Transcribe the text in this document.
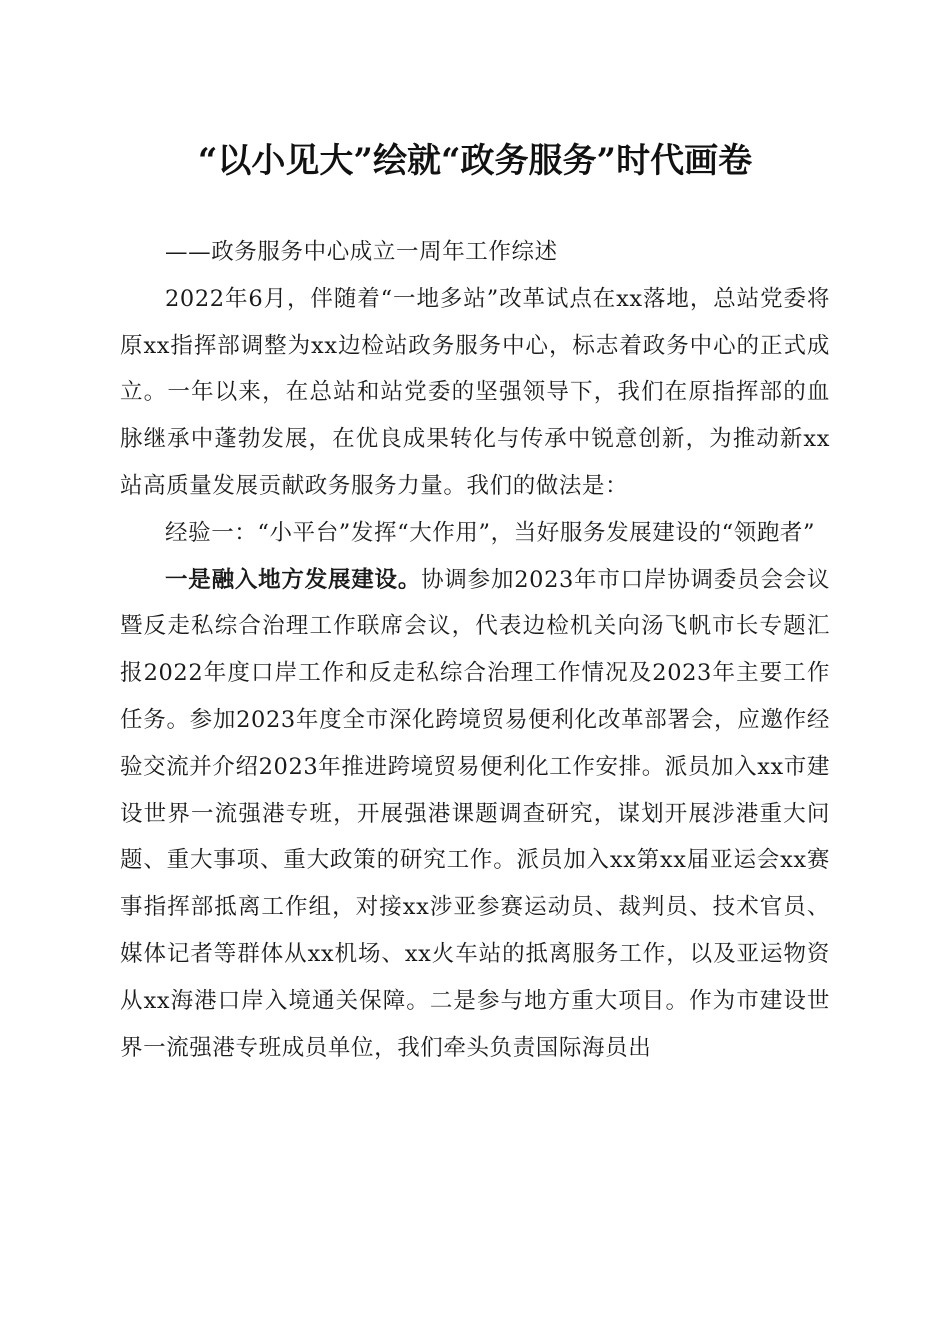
“以小见大”绘就“政务服务”时代画卷

——政务服务中心成立一周年工作综述

2022年6月，伴随着“一地多站”改革试点在xx落地，总站党委将原xx指挥部调整为xx边检站政务服务中心，标志着政务中心的正式成立。一年以来，在总站和站党委的坚强领导下，我们在原指挥部的血脉继承中蓬勃发展，在优良成果转化与传承中锐意创新，为推动新xx站高质量发展贡献政务服务力量。我们的做法是：

经验一：“小平台”发挥“大作用”，当好服务发展建设的“领跑者”

一是融入地方发展建设。协调参加2023年市口岸协调委员会会议暨反走私综合治理工作联席会议，代表边检机关向汤飞帆市长专题汇报2022年度口岸工作和反走私综合治理工作情况及2023年主要工作任务。参加2023年度全市深化跨境贸易便利化改革部署会，应邀作经验交流并介绍2023年推进跨境贸易便利化工作安排。派员加入xx市建设世界一流强港专班，开展强港课题调查研究，谋划开展涉港重大问题、重大事项、重大政策的研究工作。派员加入xx第xx届亚运会xx赛事指挥部抵离工作组，对接xx涉亚参赛运动员、裁判员、技术官员、媒体记者等群体从xx机场、xx火车站的抵离服务工作，以及亚运物资从xx海港口岸入境通关保障。二是参与地方重大项目。作为市建设世界一流强港专班成员单位，我们牵头负责国际海员出
